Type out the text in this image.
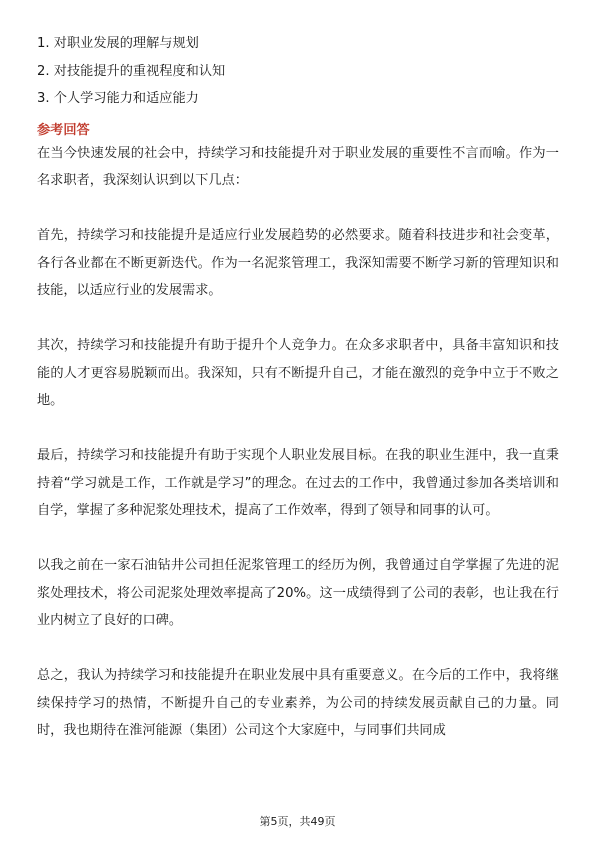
1. 对职业发展的理解与规划
2. 对技能提升的重视程度和认知
3. 个人学习能力和适应能力
参考回答

在当今快速发展的社会中，持续学习和技能提升对于职业发展的重要性不言而喻。作为一名求职者，我深刻认识到以下几点：

首先，持续学习和技能提升是适应行业发展趋势的必然要求。随着科技进步和社会变革，各行各业都在不断更新迭代。作为一名泥浆管理工，我深知需要不断学习新的管理知识和技能，以适应行业的发展需求。

其次，持续学习和技能提升有助于提升个人竞争力。在众多求职者中，具备丰富知识和技能的人才更容易脱颖而出。我深知，只有不断提升自己，才能在激烈的竞争中立于不败之地。

最后，持续学习和技能提升有助于实现个人职业发展目标。在我的职业生涯中，我一直秉持着“学习就是工作，工作就是学习”的理念。在过去的工作中，我曾通过参加各类培训和自学，掌握了多种泥浆处理技术，提高了工作效率，得到了领导和同事的认可。

以我之前在一家石油钻井公司担任泥浆管理工的经历为例，我曾通过自学掌握了先进的泥浆处理技术，将公司泥浆处理效率提高了20%。这一成绩得到了公司的表彰，也让我在行业内树立了良好的口碑。

总之，我认为持续学习和技能提升在职业发展中具有重要意义。在今后的工作中，我将继续保持学习的热情，不断提升自己的专业素养，为公司的持续发展贡献自己的力量。同时，我也期待在淮河能源（集团）公司这个大家庭中，与同事们共同成

第5页，共49页
